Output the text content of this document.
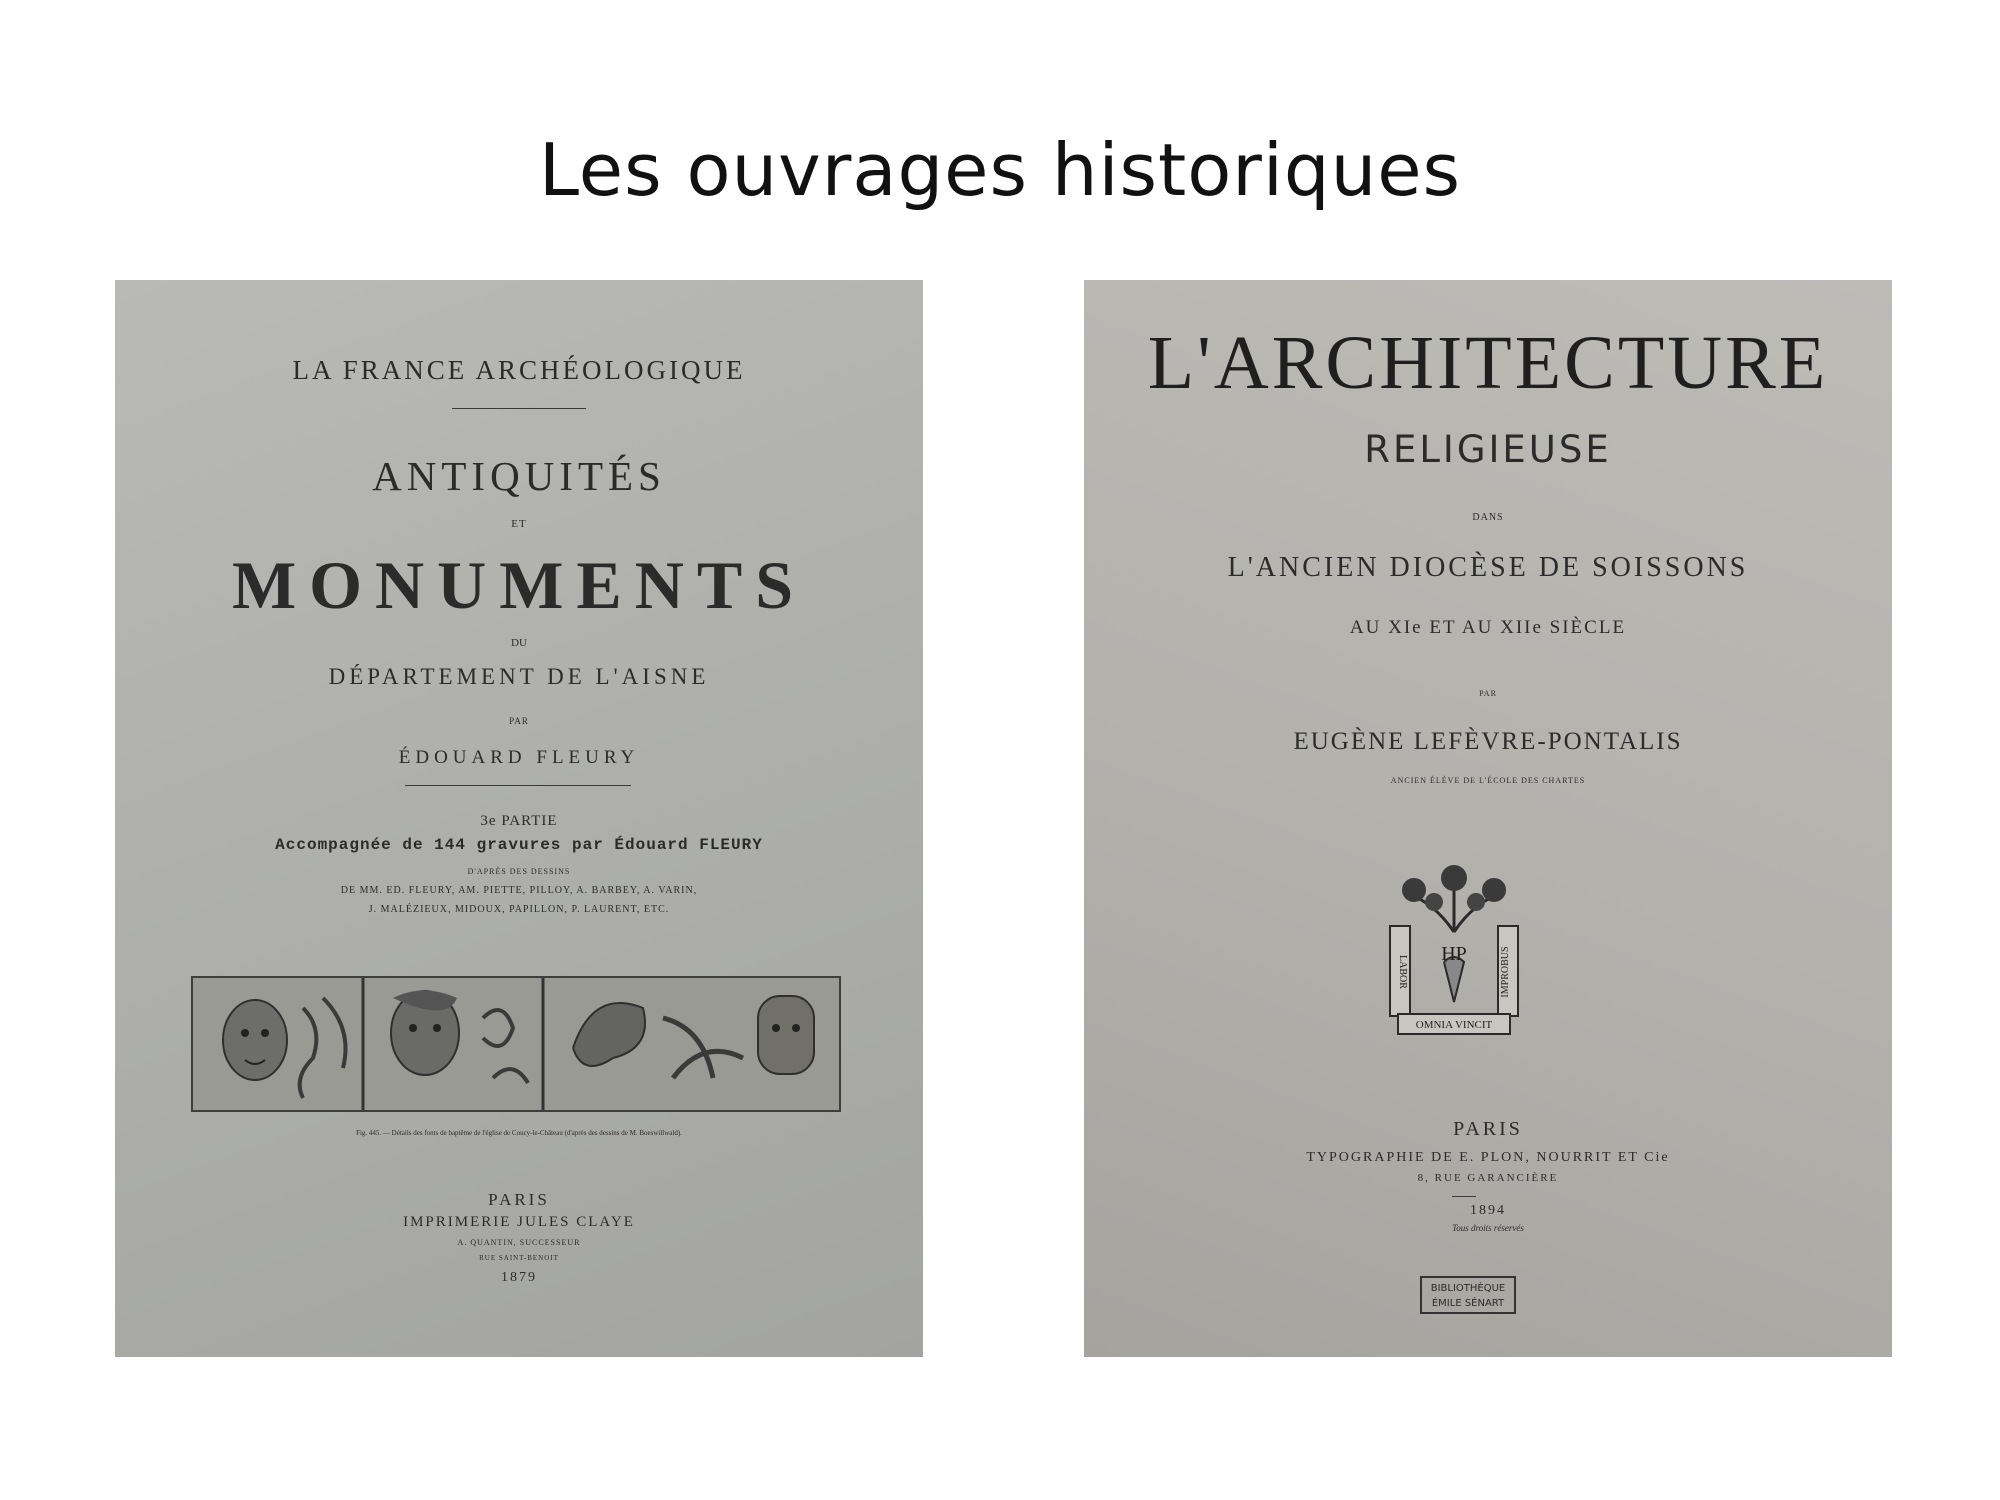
Les ouvrages historiques
LA FRANCE ARCHÉOLOGIQUE
ANTIQUITÉS
ET
MONUMENTS
DU
DÉPARTEMENT DE L'AISNE
PAR
ÉDOUARD FLEURY
3e PARTIE
Accompagnée de 144 gravures par Édouard FLEURY
D'APRÈS DES DESSINS
DE MM. ED. FLEURY, AM. PIETTE, PILLOY, A. BARBEY, A. VARIN,
J. MALÉZIEUX, MIDOUX, PAPILLON, P. LAURENT, ETC.
Fig. 445. — Détails des fonts de baptême de l'église de Coucy-le-Château (d'après des dessins de M. Boeswillwald).
PARIS
IMPRIMERIE JULES CLAYE
A. QUANTIN, SUCCESSEUR
RUE SAINT-BENOIT
1879
L'ARCHITECTURE
RELIGIEUSE
DANS
L'ANCIEN DIOCÈSE DE SOISSONS
AU XIe ET AU XIIe SIÈCLE
PAR
EUGÈNE LEFÈVRE-PONTALIS
ANCIEN ÉLÈVE DE L'ÉCOLE DES CHARTES
HP
LABOR	IMPROBUS
OMNIA VINCIT
PARIS
TYPOGRAPHIE DE E. PLON, NOURRIT ET Cie
8, RUE GARANCIÈRE
1894
Tous droits réservés
BIBLIOTHÈQUE
ÉMILE SÉNART
